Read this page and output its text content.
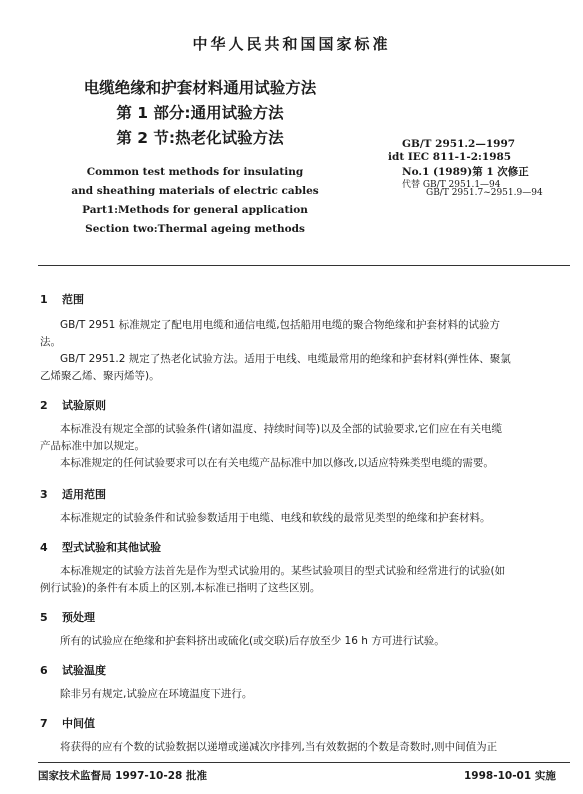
中华人民共和国国家标准
电缆绝缘和护套材料通用试验方法
第 1 部分:通用试验方法
第 2 节:热老化试验方法
Common test methods for insulating
and sheathing materials of electric cables
Part1:Methods for general application
Section two:Thermal ageing methods
GB/T 2951.2—1997
idt IEC 811-1-2:1985
No.1 (1989)第 1 次修正
代替 GB/T 2951.1—94
GB/T 2951.7~2951.9—94
1 范围
GB/T 2951 标准规定了配电用电缆和通信电缆,包括船用电缆的聚合物绝缘和护套材料的试验方
法。
GB/T 2951.2 规定了热老化试验方法。适用于电线、电缆最常用的绝缘和护套材料(弹性体、聚氯
乙烯聚乙烯、聚丙烯等)。
2 试验原则
本标准没有规定全部的试验条件(诸如温度、持续时间等)以及全部的试验要求,它们应在有关电缆
产品标准中加以规定。
本标准规定的任何试验要求可以在有关电缆产品标准中加以修改,以适应特殊类型电缆的需要。
3 适用范围
本标准规定的试验条件和试验参数适用于电缆、电线和软线的最常见类型的绝缘和护套材料。
4 型式试验和其他试验
本标准规定的试验方法首先是作为型式试验用的。某些试验项目的型式试验和经常进行的试验(如
例行试验)的条件有本质上的区别,本标准已指明了这些区别。
5 预处理
所有的试验应在绝缘和护套料挤出或硫化(或交联)后存放至少 16 h 方可进行试验。
6 试验温度
除非另有规定,试验应在环境温度下进行。
7 中间值
将获得的应有个数的试验数据以递增或递减次序排列,当有效数据的个数是奇数时,则中间值为正
国家技术监督局 1997-10-28 批准	1998-10-01 实施
